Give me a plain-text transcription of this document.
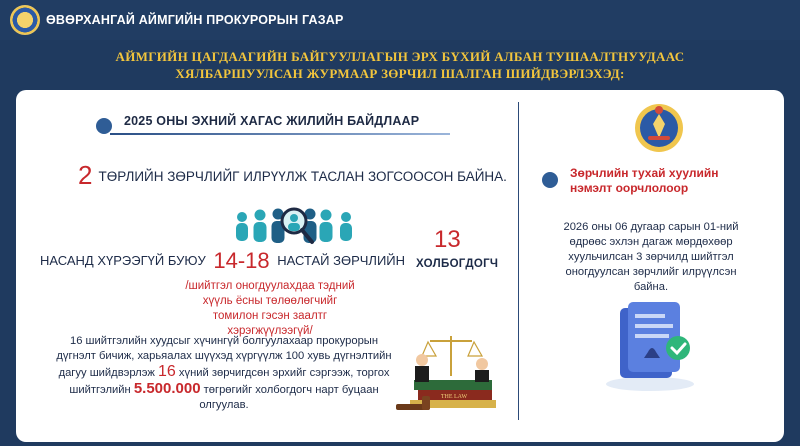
ӨВӨРХАНГАЙ АЙМГИЙН ПРОКУРОРЫН ГАЗАР
АЙМГИЙН ЦАГДААГИЙН БАЙГУУЛЛАГЫН ЭРХ БҮХИЙ АЛБАН ТУШААЛТНУУДААС
ХЯЛБАРШУУЛСАН ЖУРМААР ЗӨРЧИЛ ШАЛГАН ШИЙДВЭРЛЭХЭД:
2025 ОНЫ ЭХНИЙ ХАГАС ЖИЛИЙН БАЙДЛААР
2 ТӨРЛИЙН ЗӨРЧЛИЙГ ИЛРҮҮЛЖ ТАСЛАН ЗОГСООСОН БАЙНА.
НАСАНД ХҮРЭЭГҮЙ БУЮУ 14-18 НАСТАЙ ЗӨРЧЛИЙН
/шийтгэл оногдуулахдаа тэдний хүүль ёсны төлөөлөгчийг
томилон гэсэн заалтг хэрэгжүүлээгүй/
13
ХОЛБОГДОГЧ
16 шийтгэлийн хуудсыг хүчингүй болгуулахаар прокурорын дүгнэлт бичиж, харьяалах шүүхэд хүргүүлж 100 хувь дүгнэлтийн дагуу шийдвэрлэж 16 хүний зөрчигдсөн эрхийг сэргээж, торгох шийтгэлийн 5.500.000 төгрөгийг холбогдогч нарт буцаан олгуулав.
THE LAW
Зөрчлийн тухай хуулийн
нэмэлт оорчлолоор
2026 оны 06 дугаар сарын 01-ний өдрөөс эхлэн дагаж мөрдөхөөр хуульчилсан 3 зөрчилд шийтгэл оногдуулсан зөрчлийг илрүүлсэн байна.
